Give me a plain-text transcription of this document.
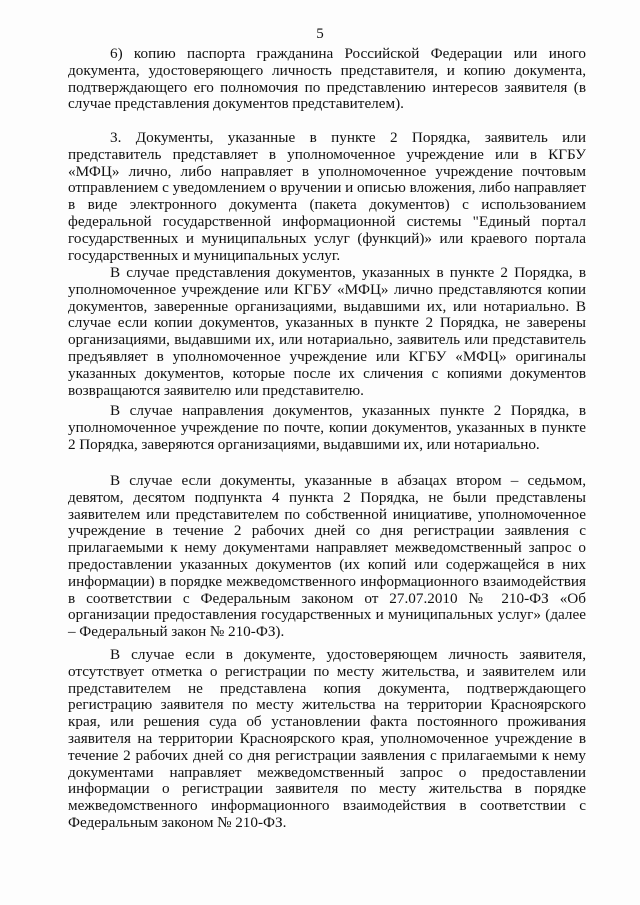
5

6) копию паспорта гражданина Российской Федерации или иного документа, удостоверяющего личность представителя, и копию документа, подтверждающего его полномочия по представлению интересов заявителя (в случае представления документов представителем).

3. Документы, указанные в пункте 2 Порядка, заявитель или представитель представляет в уполномоченное учреждение или в КГБУ «МФЦ» лично, либо направляет в уполномоченное учреждение почтовым отправлением с уведомлением о вручении и описью вложения, либо направляет в виде электронного документа (пакета документов) с использованием федеральной государственной информационной системы "Единый портал государственных и муниципальных услуг (функций)» или краевого портала государственных и муниципальных услуг.

В случае представления документов, указанных в пункте 2 Порядка, в уполномоченное учреждение или КГБУ «МФЦ» лично представляются копии документов, заверенные организациями, выдавшими их, или нотариально. В случае если копии документов, указанных в пункте 2 Порядка, не заверены организациями, выдавшими их, или нотариально, заявитель или представитель предъявляет в уполномоченное учреждение или КГБУ «МФЦ» оригиналы указанных документов, которые после их сличения с копиями документов возвращаются заявителю или представителю.

В случае направления документов, указанных пункте 2 Порядка, в уполномоченное учреждение по почте, копии документов, указанных в пункте 2 Порядка, заверяются организациями, выдавшими их, или нотариально.

В случае если документы, указанные в абзацах втором – седьмом, девятом, десятом подпункта 4 пункта 2 Порядка, не были представлены заявителем или представителем по собственной инициативе, уполномоченное учреждение в течение 2 рабочих дней со дня регистрации заявления с прилагаемыми к нему документами направляет межведомственный запрос о предоставлении указанных документов (их копий или содержащейся в них информации) в порядке межведомственного информационного взаимодействия в соответствии с Федеральным законом от 27.07.2010 № 210-ФЗ «Об организации предоставления государственных и муниципальных услуг» (далее – Федеральный закон № 210-ФЗ).

В случае если в документе, удостоверяющем личность заявителя, отсутствует отметка о регистрации по месту жительства, и заявителем или представителем не представлена копия документа, подтверждающего регистрацию заявителя по месту жительства на территории Красноярского края, или решения суда об установлении факта постоянного проживания заявителя на территории Красноярского края, уполномоченное учреждение в течение 2 рабочих дней со дня регистрации заявления с прилагаемыми к нему документами направляет межведомственный запрос о предоставлении информации о регистрации заявителя по месту жительства в порядке межведомственного информационного взаимодействия в соответствии с Федеральным законом № 210-ФЗ.
